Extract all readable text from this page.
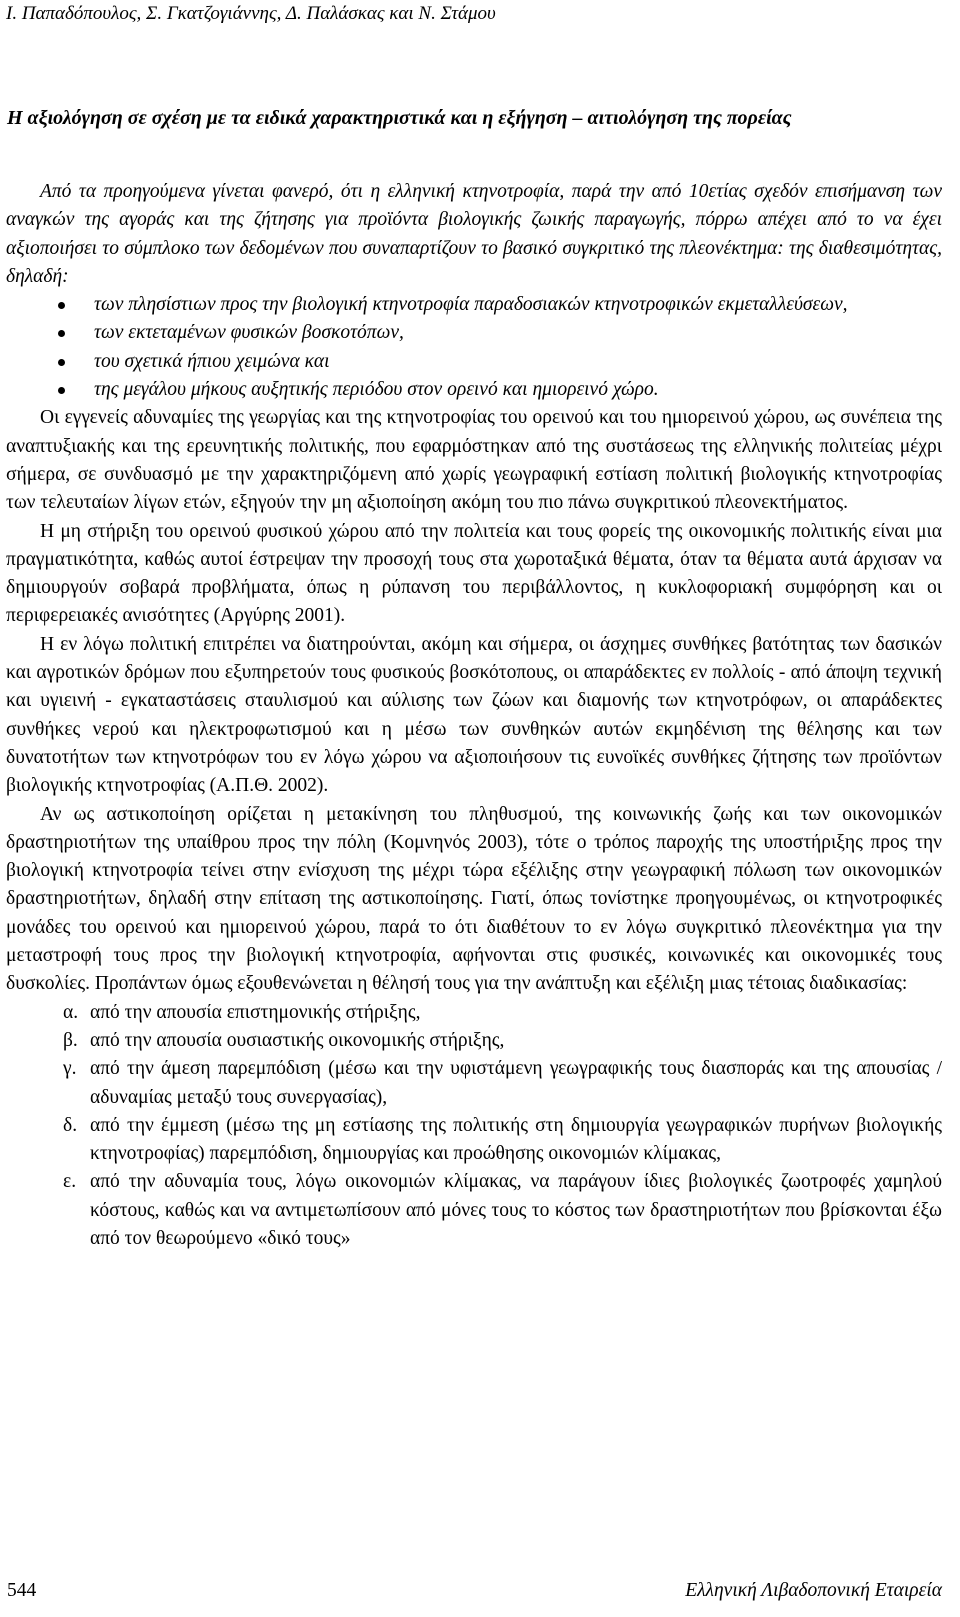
Ι. Παπαδόπουλος, Σ. Γκατζογιάννης, Δ. Παλάσκας και Ν. Στάμου
Η αξιολόγηση σε σχέση με τα ειδικά χαρακτηριστικά και η εξήγηση – αιτιολόγηση της πορείας

Από τα προηγούμενα γίνεται φανερό, ότι η ελληνική κτηνοτροφία, παρά την από 10ετίας σχεδόν επισήμανση των αναγκών της αγοράς και της ζήτησης για προϊόντα βιολογικής ζωικής παραγωγής, πόρρω απέχει από το να έχει αξιοποιήσει το σύμπλοκο των δεδομένων που συναπαρτίζουν το βασικό συγκριτικό της πλεονέκτημα: της διαθεσιμότητας, δηλαδή:

των πλησίστιων προς την βιολογική κτηνοτροφία παραδοσιακών κτηνοτροφικών εκμεταλλεύσεων,
των εκτεταμένων φυσικών βοσκοτόπων,
του σχετικά ήπιου χειμώνα και
της μεγάλου μήκους αυξητικής περιόδου στον ορεινό και ημιορεινό χώρο.

Οι εγγενείς αδυναμίες της γεωργίας και της κτηνοτροφίας του ορεινού και του ημιορεινού χώρου, ως συνέπεια της αναπτυξιακής και της ερευνητικής πολιτικής, που εφαρμόστηκαν από της συστάσεως της ελληνικής πολιτείας μέχρι σήμερα, σε συνδυασμό με την χαρακτηριζόμενη από χωρίς γεωγραφική εστίαση πολιτική βιολογικής κτηνοτροφίας των τελευταίων λίγων ετών, εξηγούν την μη αξιοποίηση ακόμη του πιο πάνω συγκριτικού πλεονεκτήματος.

Η μη στήριξη του ορεινού φυσικού χώρου από την πολιτεία και τους φορείς της οικονομικής πολιτικής είναι μια πραγματικότητα, καθώς αυτοί έστρεψαν την προσοχή τους στα χωροταξικά θέματα, όταν τα θέματα αυτά άρχισαν να δημιουργούν σοβαρά προβλήματα, όπως η ρύπανση του περιβάλλοντος, η κυκλοφοριακή συμφόρηση και οι περιφερειακές ανισότητες (Αργύρης 2001).

Η εν λόγω πολιτική επιτρέπει να διατηρούνται, ακόμη και σήμερα, οι άσχημες συνθήκες βατότητας των δασικών και αγροτικών δρόμων που εξυπηρετούν τους φυσικούς βοσκότοπους, οι απαράδεκτες εν πολλοίς - από άποψη τεχνική και υγιεινή - εγκαταστάσεις σταυλισμού και αύλισης των ζώων και διαμονής των κτηνοτρόφων, οι απαράδεκτες συνθήκες νερού και ηλεκτροφωτισμού και η μέσω των συνθηκών αυτών εκμηδένιση της θέλησης και των δυνατοτήτων των κτηνοτρόφων του εν λόγω χώρου να αξιοποιήσουν τις ευνοϊκές συνθήκες ζήτησης των προϊόντων βιολογικής κτηνοτροφίας (Α.Π.Θ. 2002).

Αν ως αστικοποίηση ορίζεται η μετακίνηση του πληθυσμού, της κοινωνικής ζωής και των οικονομικών δραστηριοτήτων της υπαίθρου προς την πόλη (Κομνηνός 2003), τότε ο τρόπος παροχής της υποστήριξης προς την βιολογική κτηνοτροφία τείνει στην ενίσχυση της μέχρι τώρα εξέλιξης στην γεωγραφική πόλωση των οικονομικών δραστηριοτήτων, δηλαδή στην επίταση της αστικοποίησης. Γιατί, όπως τονίστηκε προηγουμένως, οι κτηνοτροφικές μονάδες του ορεινού και ημιορεινού χώρου, παρά το ότι διαθέτουν το εν λόγω συγκριτικό πλεονέκτημα για την μεταστροφή τους προς την βιολογική κτηνοτροφία, αφήνονται στις φυσικές, κοινωνικές και οικονομικές τους δυσκολίες. Προπάντων όμως εξουθενώνεται η θέλησή τους για την ανάπτυξη και εξέλιξη μιας τέτοιας διαδικασίας:

α. από την απουσία επιστημονικής στήριξης,
β. από την απουσία ουσιαστικής οικονομικής στήριξης,
γ. από την άμεση παρεμπόδιση (μέσω και την υφιστάμενη γεωγραφικής τους διασποράς και της απουσίας / αδυναμίας μεταξύ τους συνεργασίας),
δ. από την έμμεση (μέσω της μη εστίασης της πολιτικής στη δημιουργία γεωγραφικών πυρήνων βιολογικής κτηνοτροφίας) παρεμπόδιση, δημιουργίας και προώθησης οικονομιών κλίμακας,
ε. από την αδυναμία τους, λόγω οικονομιών κλίμακας, να παράγουν ίδιες βιολογικές ζωοτροφές χαμηλού κόστους, καθώς και να αντιμετωπίσουν από μόνες τους το κόστος των δραστηριοτήτων που βρίσκονται έξω από τον θεωρούμενο «δικό τους»
544	Ελληνική Λιβαδοπονική Εταιρεία
